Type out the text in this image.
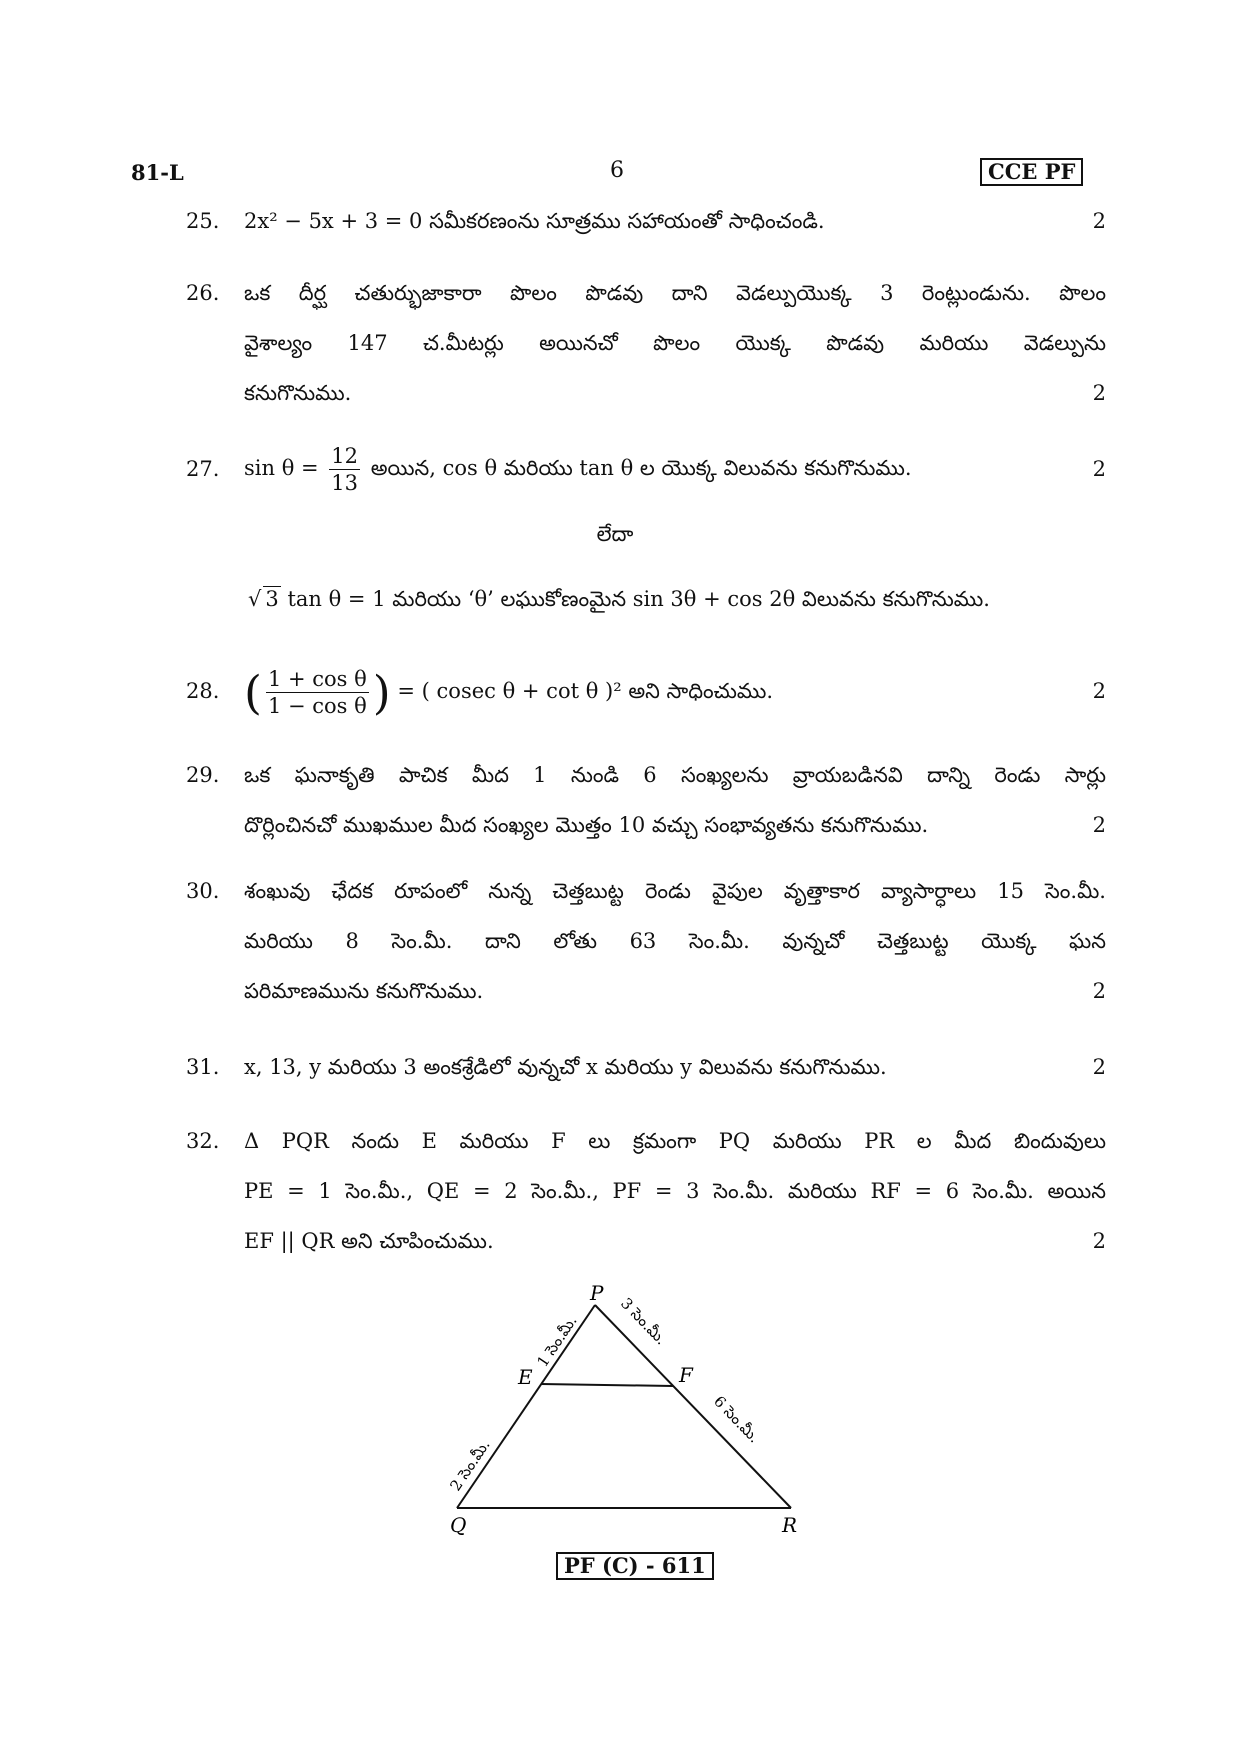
81-L	6	CCE PF
25.	2x² − 5x + 3 = 0 సమీకరణంను సూత్రము సహాయంతో సాధించండి.	2
26.	ఒక దీర్ఘ చతుర్భుజాకారా పొలం పొడవు దాని వెడల్పుయొక్క 3 రెంట్లుండును. పొలం
వైశాల్యం 147 చ.మీటర్లు అయినచో పొలం యొక్క పొడవు మరియు వెడల్పును
కనుగొనుము.	2
27.	$\sin \theta = \frac{12}{13}$ అయిన, cos θ మరియు tan θ ల యొక్క విలువను కనుగొనుము.	2
లేదా
√ 3 tan θ = 1 మరియు ‘θ’ లఘుకోణంమైన sin 3θ + cos 2θ విలువను కనుగొనుము.
28. ( $\frac{\text{1 + cos θ}}{\text{1 − cos θ}}$ ) = ( cosec θ + cot θ )² అని సాధించుము.	2
29.	ఒక ఘనాకృతి పాచిక మీద 1 నుండి 6 సంఖ్యలను వ్రాయబడినవి దాన్ని రెండు సార్లు
దొర్లించినచో ముఖముల మీద సంఖ్యల మొత్తం 10 వచ్చు సంభావ్యతను కనుగొనుము.	2
30.	శంఖువు ఛేదక రూపంలో నున్న చెత్తబుట్ట రెండు వైపుల వృత్తాకార వ్యాసార్ధాలు 15 సెం.మీ.
మరియు 8 సెం.మీ. దాని లోతు 63 సెం.మీ. వున్నచో చెత్తబుట్ట యొక్క ఘన
పరిమాణమును కనుగొనుము.	2
31.	x, 13, y మరియు 3 అంకశ్రేడిలో వున్నచో x మరియు y విలువను కనుగొనుము.	2
32.	Δ PQR నందు E మరియు F లు క్రమంగా PQ మరియు PR ల మీద బిందువులు
PE = 1 సెం.మీ., QE = 2 సెం.మీ., PF = 3 సెం.మీ. మరియు RF = 6 సెం.మీ. అయిన
EF || QR అని చూపించుము.	2
P
Q	R
E	F
1 సెం.మీ.
2 సెం.మీ.
3 సెం.మీ.
6 సెం.మీ.
PF (C) - 611
